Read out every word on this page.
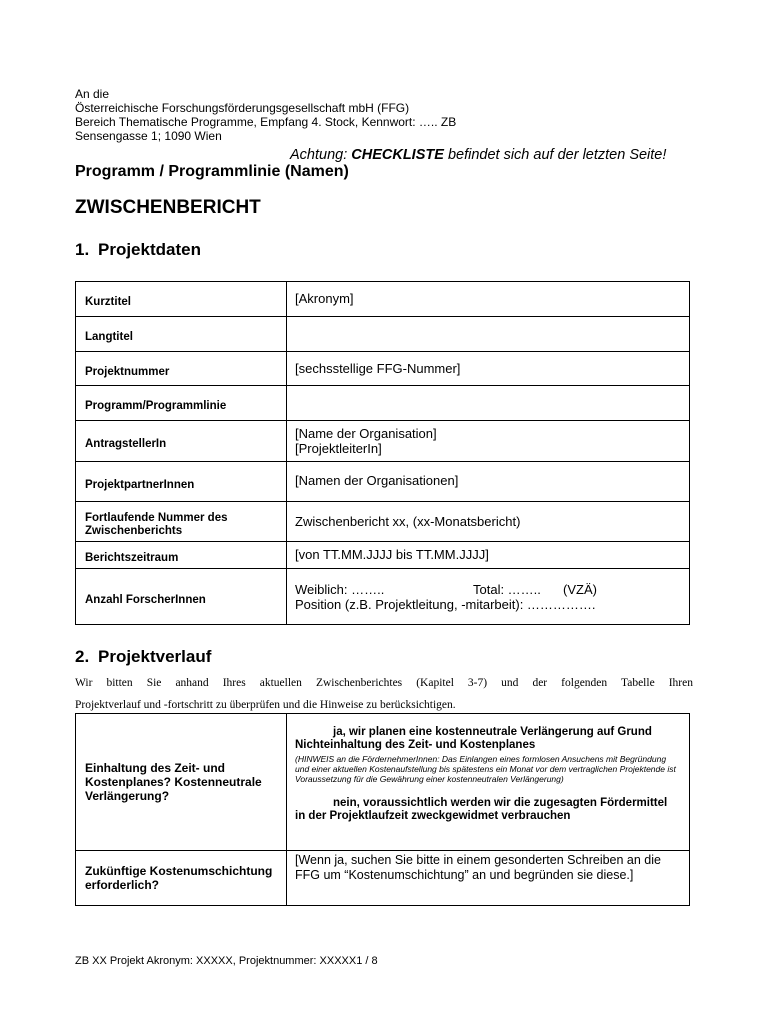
An die
Österreichische Forschungsförderungsgesellschaft mbH (FFG)
Bereich Thematische Programme, Empfang 4. Stock, Kennwort: ….. ZB
Sensengasse 1; 1090 Wien
Achtung: CHECKLISTE befindet sich auf der letzten Seite!
Programm / Programmlinie (Namen)
ZWISCHENBERICHT
1. Projektdaten
Kurztitel	[Akronym]
Langtitel	
Projektnummer	[sechsstellige FFG-Nummer]
Programm/Programmlinie	
AntragstellerIn	[Name der Organisation]
[ProjektleiterIn]

ProjektpartnerInnen	[Namen der Organisationen]
Fortlaufende Nummer des Zwischenberichts	Zwischenbericht xx, (xx-Monatsbericht)
Berichtszeitraum	[von TT.MM.JJJJ bis TT.MM.JJJJ]
Anzahl ForscherInnen	Weiblich: …….. Total: …….. (VZÄ)
Position (z.B. Projektleitung, -mitarbeit): …………….
2. Projektverlauf
Wir bitten Sie anhand Ihres aktuellen Zwischenberichtes (Kapitel 3-7) und der folgenden Tabelle Ihren
Projektverlauf und -fortschritt zu überprüfen und die Hinweise zu berücksichtigen.
Einhaltung des Zeit- und Kostenplanes? Kostenneutrale Verlängerung?	ja, wir planen eine kostenneutrale Verlängerung auf Grund Nichteinhaltung des Zeit- und Kostenplanes
(HINWEIS an die FördernehmerInnen: Das Einlangen eines formlosen Ansuchens mit Begründung und einer aktuellen Kostenaufstellung bis spätestens ein Monat vor dem vertraglichen Projektende ist Voraussetzung für die Gewährung einer kostenneutralen Verlängerung)
nein, voraussichtlich werden wir die zugesagten Fördermittel in der Projektlaufzeit zweckgewidmet verbrauchen

Zukünftige Kostenumschichtung erforderlich?	[Wenn ja, suchen Sie bitte in einem gesonderten Schreiben an die FFG um “Kostenumschichtung” an und begründen sie diese.]
ZB XX Projekt Akronym: XXXXX, Projektnummer: XXXXX1 / 8
